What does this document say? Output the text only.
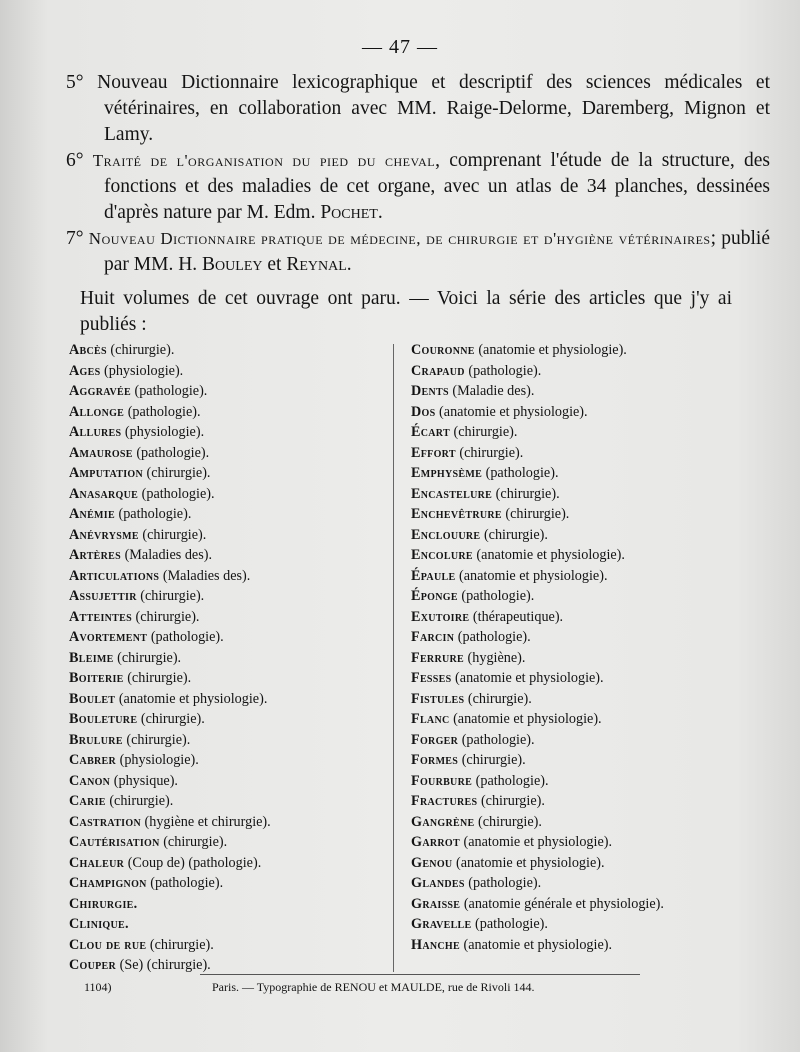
— 47 —
5° Nouveau Dictionnaire lexicographique et descriptif des sciences médicales et vétérinaires, en collaboration avec MM. Raige-Delorme, Daremberg, Mignon et Lamy.
6° Traité de l'organisation du pied du cheval, comprenant l'étude de la structure, des fonctions et des maladies de cet organe, avec un atlas de 34 planches, dessinées d'après nature par M. Edm. Pochet.
7° Nouveau Dictionnaire pratique de médecine, de chirurgie et d'hygiène vétérinaires; publié par MM. H. Bouley et Reynal.
Huit volumes de cet ouvrage ont paru. — Voici la série des articles que j'y ai publiés :
Abcès (chirurgie).
Ages (physiologie).
Aggravée (pathologie).
Allonge (pathologie).
Allures (physiologie).
Amaurose (pathologie).
Amputation (chirurgie).
Anasarque (pathologie).
Anémie (pathologie).
Anévrysme (chirurgie).
Artères (Maladies des).
Articulations (Maladies des).
Assujettir (chirurgie).
Atteintes (chirurgie).
Avortement (pathologie).
Bleime (chirurgie).
Boiterie (chirurgie).
Boulet (anatomie et physiologie).
Bouleture (chirurgie).
Brulure (chirurgie).
Cabrer (physiologie).
Canon (physique).
Carie (chirurgie).
Castration (hygiène et chirurgie).
Cautérisation (chirurgie).
Chaleur (Coup de) (pathologie).
Champignon (pathologie).
Chirurgie.
Clinique.
Clou de rue (chirurgie).
Couper (Se) (chirurgie).
Couronne (anatomie et physiologie).
Crapaud (pathologie).
Dents (Maladie des).
Dos (anatomie et physiologie).
Écart (chirurgie).
Effort (chirurgie).
Emphysème (pathologie).
Encastelure (chirurgie).
Enchevêtrure (chirurgie).
Enclouure (chirurgie).
Encolure (anatomie et physiologie).
Épaule (anatomie et physiologie).
Éponge (pathologie).
Exutoire (thérapeutique).
Farcin (pathologie).
Ferrure (hygiène).
Fesses (anatomie et physiologie).
Fistules (chirurgie).
Flanc (anatomie et physiologie).
Forger (pathologie).
Formes (chirurgie).
Fourbure (pathologie).
Fractures (chirurgie).
Gangrène (chirurgie).
Garrot (anatomie et physiologie).
Genou (anatomie et physiologie).
Glandes (pathologie).
Graisse (anatomie générale et physiologie).
Gravelle (pathologie).
Hanche (anatomie et physiologie).
1104)	Paris. — Typographie de RENOU et MAULDE, rue de Rivoli 144.
